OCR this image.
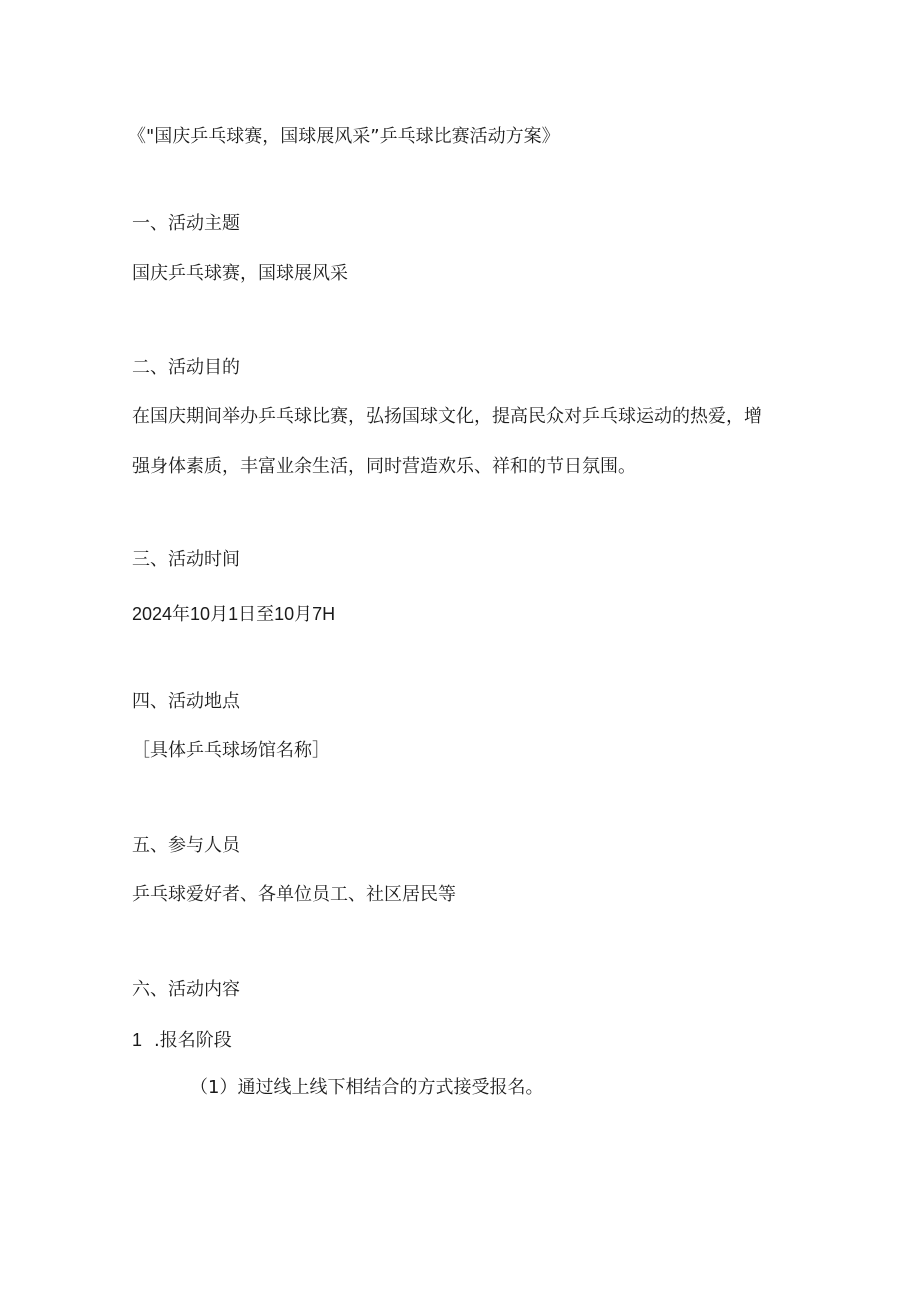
《"国庆乒乓球赛，国球展风采”乒乓球比赛活动方案》
一、活动主题
国庆乒乓球赛，国球展风采
二、活动目的
在国庆期间举办乒乓球比赛，弘扬国球文化，提高民众对乒乓球运动的热爱，增
强身体素质，丰富业余生活，同时营造欢乐、祥和的节日氛围。
三、活动时间
2024年10月1日至10月7H
四、活动地点
［具体乒乓球场馆名称］
五、参与人员
乒乓球爱好者、各单位员工、社区居民等
六、活动内容
1 .报名阶段
（1）通过线上线下相结合的方式接受报名。
